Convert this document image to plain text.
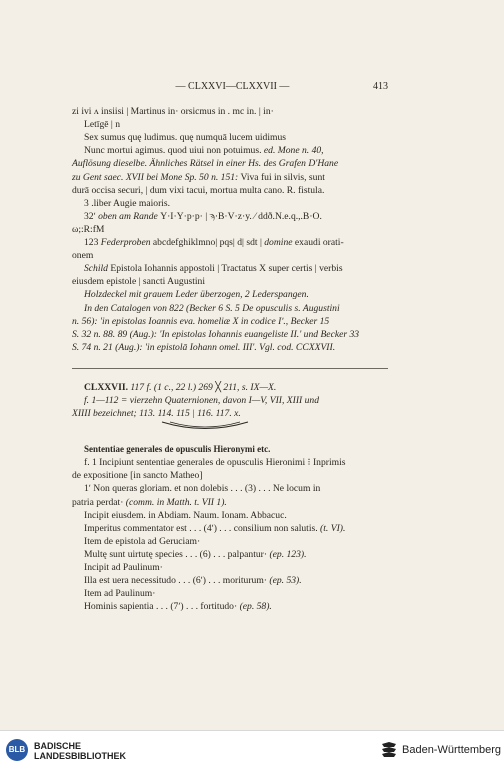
— CLXXVI—CLXXVII —	413

zi ivi ʌ insiisi | Martinus in· orsicmus in . mc in. | in·

Letīgē | n

Sex sumus quę ludimus. quę numquā lucem uidimus

Nunc mortui agimus. quod uiui non potuimus. ed. Mone n. 40,

Auflösung dieselbe. Ähnliches Rätsel in einer Hs. des Grafen D'Hane

zu Gent saec. XVII bei Mone Sp. 50 n. 151: Viva fui in silvis, sunt

durā occisa securi, | dum vixi tacui, mortua multa cano. R. fistula.

3 .liber Augie maioris.

32ʹ oben am Rande Υ·Ι·Υ·p·p· | ϡ·B·V·z·y. ⁄ ddð.N.e.q.,.B·O.

ω;:R:fM

123 Federproben abcdefghiklmno| pqs| d| sdt | domine exaudi orati-

onem

Schild Epistola Iohannis appostoli | Tractatus X super certis | verbis

eiusdem epistole | sancti Augustini

Holzdeckel mit grauem Leder überzogen, 2 Lederspangen.

In den Catalogen von 822 (Becker 6 S. 5 De opusculis s. Augustini

n. 56): 'in epistolas Ioannis eva. homeliæ X in codice Iʹ., Becker 15

S. 32 n. 88. 89 (Aug.): 'In epistolas Iohannis euangeliste II.' und Becker 33

S. 74 n. 21 (Aug.): 'in epistolā Iohann omel. III'. Vgl. cod. CCXXVII.

CLXXVII. 117 f. (1 c., 22 l.) 269 ╳ 211, s. IX—X.

f. 1—112 = vierzehn Quaternionen, davon I—V, VII, XIII und

XIIII bezeichnet; 113. 114. 115 | 116. 117. x.

Sententiae generales de opusculis Hieronymi etc.

f. 1 Incipiunt sententiae generales de opusculis Hieronimi ⁝ Inprimis

de expositione [in sancto Matheo]

1ʹ Non queras gloriam. et non dolebis . . . (3) . . . Ne locum in

patria perdat· (comm. in Matth. t. VII 1).

Incipit eiusdem. in Abdiam. Naum. Ionam. Abbacuc.

Imperitus commentator est . . . (4ʹ) . . . consilium non salutis. (t. VI).

Item de epistola ad Geruciam·

Multę sunt uirtutę species . . . (6) . . . palpantur· (ep. 123).

Incipit ad Paulinum·

Illa est uera necessitudo . . . (6ʹ) . . . moriturum· (ep. 53).

Item ad Paulinum·

Hominis sapientia . . . (7ʹ) . . . fortitudo· (ep. 58).

BLB BADISCHE
LANDESBIBLIOTHEK	Baden-Württemberg
